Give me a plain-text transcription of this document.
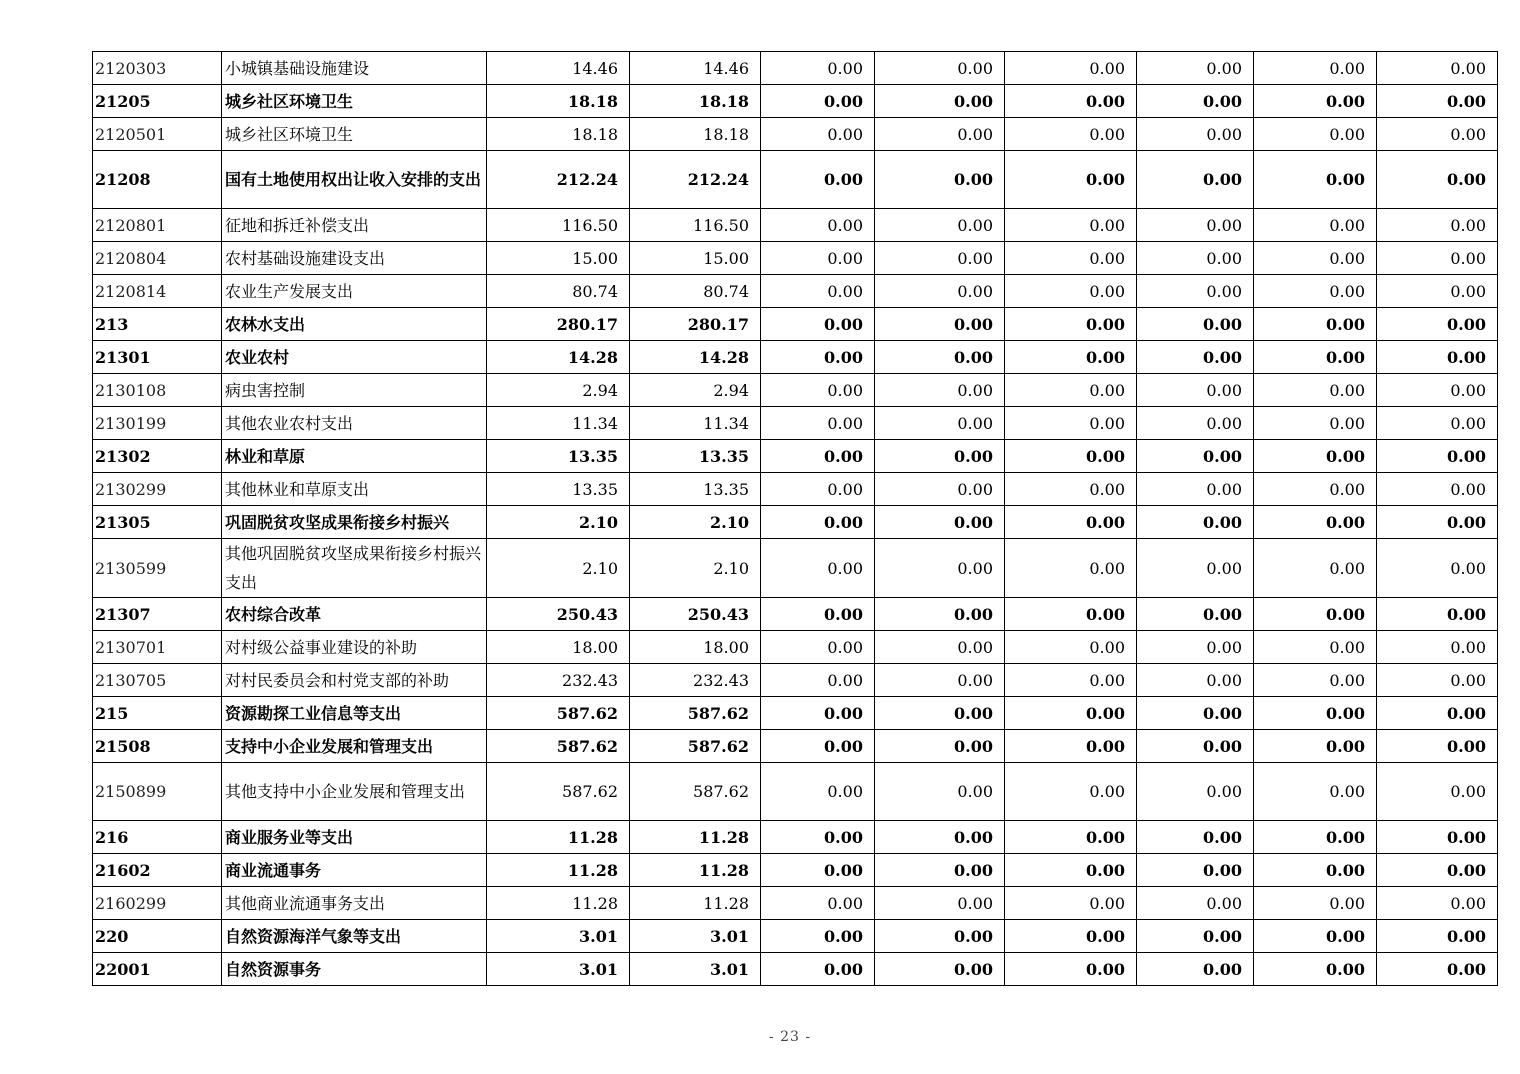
2120303	小城镇基础设施建设	14.46	14.46	0.00	0.00	0.00	0.00	0.00	0.00
21205	城乡社区环境卫生	18.18	18.18	0.00	0.00	0.00	0.00	0.00	0.00
2120501	城乡社区环境卫生	18.18	18.18	0.00	0.00	0.00	0.00	0.00	0.00
21208	国有土地使用权出让收入安排的支出	212.24	212.24	0.00	0.00	0.00	0.00	0.00	0.00
2120801	征地和拆迁补偿支出	116.50	116.50	0.00	0.00	0.00	0.00	0.00	0.00
2120804	农村基础设施建设支出	15.00	15.00	0.00	0.00	0.00	0.00	0.00	0.00
2120814	农业生产发展支出	80.74	80.74	0.00	0.00	0.00	0.00	0.00	0.00
213	农林水支出	280.17	280.17	0.00	0.00	0.00	0.00	0.00	0.00
21301	农业农村	14.28	14.28	0.00	0.00	0.00	0.00	0.00	0.00
2130108	病虫害控制	2.94	2.94	0.00	0.00	0.00	0.00	0.00	0.00
2130199	其他农业农村支出	11.34	11.34	0.00	0.00	0.00	0.00	0.00	0.00
21302	林业和草原	13.35	13.35	0.00	0.00	0.00	0.00	0.00	0.00
2130299	其他林业和草原支出	13.35	13.35	0.00	0.00	0.00	0.00	0.00	0.00
21305	巩固脱贫攻坚成果衔接乡村振兴	2.10	2.10	0.00	0.00	0.00	0.00	0.00	0.00
2130599	其他巩固脱贫攻坚成果衔接乡村振兴支出	2.10	2.10	0.00	0.00	0.00	0.00	0.00	0.00
21307	农村综合改革	250.43	250.43	0.00	0.00	0.00	0.00	0.00	0.00
2130701	对村级公益事业建设的补助	18.00	18.00	0.00	0.00	0.00	0.00	0.00	0.00
2130705	对村民委员会和村党支部的补助	232.43	232.43	0.00	0.00	0.00	0.00	0.00	0.00
215	资源勘探工业信息等支出	587.62	587.62	0.00	0.00	0.00	0.00	0.00	0.00
21508	支持中小企业发展和管理支出	587.62	587.62	0.00	0.00	0.00	0.00	0.00	0.00
2150899	其他支持中小企业发展和管理支出	587.62	587.62	0.00	0.00	0.00	0.00	0.00	0.00
216	商业服务业等支出	11.28	11.28	0.00	0.00	0.00	0.00	0.00	0.00
21602	商业流通事务	11.28	11.28	0.00	0.00	0.00	0.00	0.00	0.00
2160299	其他商业流通事务支出	11.28	11.28	0.00	0.00	0.00	0.00	0.00	0.00
220	自然资源海洋气象等支出	3.01	3.01	0.00	0.00	0.00	0.00	0.00	0.00
22001	自然资源事务	3.01	3.01	0.00	0.00	0.00	0.00	0.00	0.00
- 23 -
